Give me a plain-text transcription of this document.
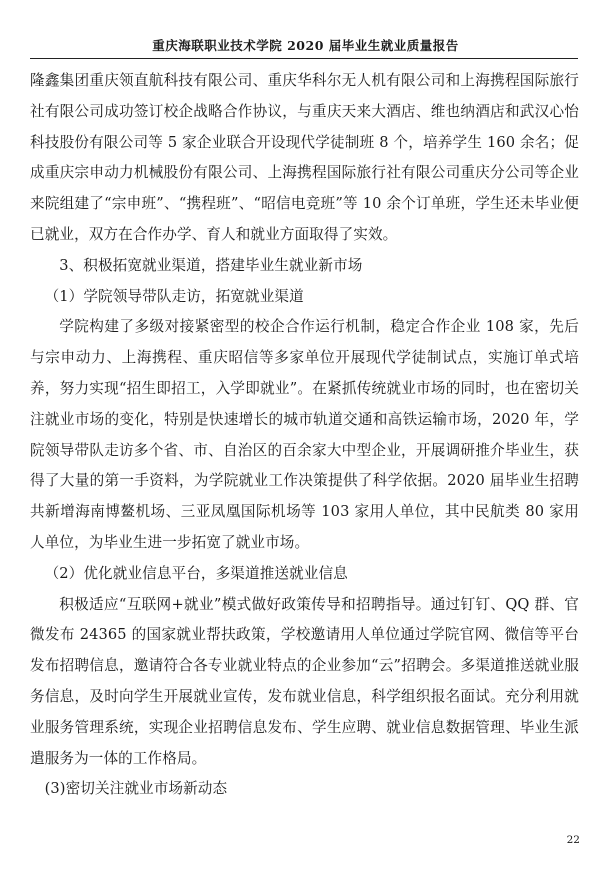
重庆海联职业技术学院 2020 届毕业生就业质量报告

隆鑫集团重庆领直航科技有限公司、重庆华科尔无人机有限公司和上海携程国际旅行社有限公司成功签订校企战略合作协议，与重庆天来大酒店、维也纳酒店和武汉心怡科技股份有限公司等 5 家企业联合开设现代学徒制班 8 个，培养学生 160 余名；促成重庆宗申动力机械股份有限公司、上海携程国际旅行社有限公司重庆分公司等企业来院组建了“宗申班”、“携程班”、“昭信电竞班”等 10 余个订单班，学生还未毕业便已就业，双方在合作办学、育人和就业方面取得了实效。

3、积极拓宽就业渠道，搭建毕业生就业新市场

（1）学院领导带队走访，拓宽就业渠道

学院构建了多级对接紧密型的校企合作运行机制，稳定合作企业 108 家，先后与宗申动力、上海携程、重庆昭信等多家单位开展现代学徒制试点，实施订单式培养，努力实现“招生即招工，入学即就业”。在紧抓传统就业市场的同时，也在密切关注就业市场的变化，特别是快速增长的城市轨道交通和高铁运输市场，2020 年，学院领导带队走访多个省、市、自治区的百余家大中型企业，开展调研推介毕业生，获得了大量的第一手资料，为学院就业工作决策提供了科学依据。2020 届毕业生招聘共新增海南博鳌机场、三亚凤凰国际机场等 103 家用人单位，其中民航类 80 家用人单位，为毕业生进一步拓宽了就业市场。

（2）优化就业信息平台，多渠道推送就业信息

积极适应“互联网+就业”模式做好政策传导和招聘指导。通过钉钉、QQ 群、官微发布 24365 的国家就业帮扶政策，学校邀请用人单位通过学院官网、微信等平台发布招聘信息，邀请符合各专业就业特点的企业参加“云”招聘会。多渠道推送就业服务信息，及时向学生开展就业宣传，发布就业信息，科学组织报名面试。充分利用就业服务管理系统，实现企业招聘信息发布、学生应聘、就业信息数据管理、毕业生派遣服务为一体的工作格局。

(3)密切关注就业市场新动态

22
